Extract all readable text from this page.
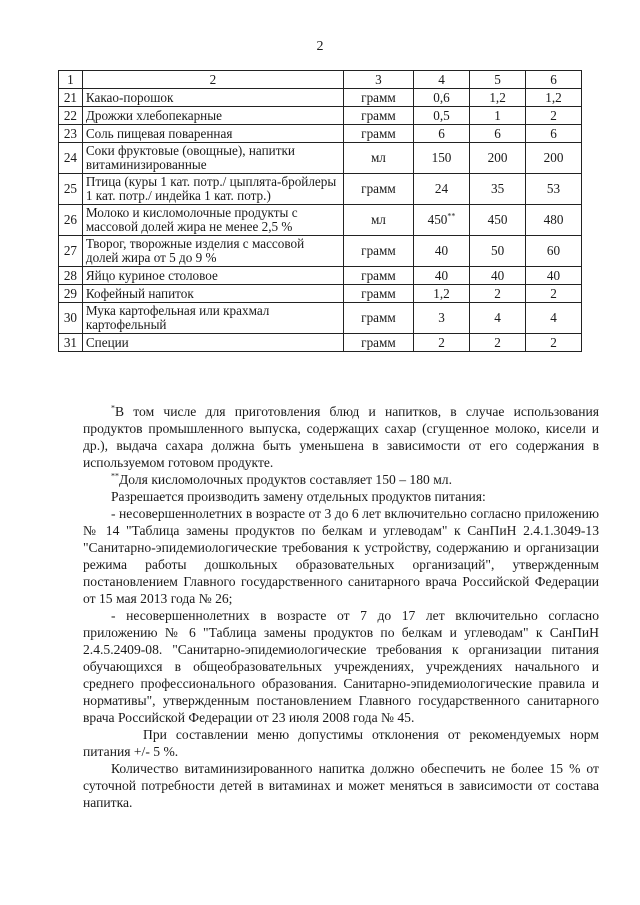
2
1	2	3	4	5	6
21	Какао-порошок	грамм	0,6	1,2	1,2
22	Дрожжи хлебопекарные	грамм	0,5	1	2
23	Соль пищевая поваренная	грамм	6	6	6
24	Соки фруктовые (овощные), напитки витаминизированные	мл	150	200	200
25	Птица (куры 1 кат. потр./ цыплята-бройлеры 1 кат. потр./ индейка 1 кат. потр.)	грамм	24	35	53
26	Молоко и кисломолочные продукты с массовой долей жира не менее 2,5 %	мл	450**	450	480
27	Творог, творожные изделия с массовой долей жира от 5 до 9 %	грамм	40	50	60
28	Яйцо куриное столовое	грамм	40	40	40
29	Кофейный напиток	грамм	1,2	2	2
30	Мука картофельная или крахмал картофельный	грамм	3	4	4
31	Специи	грамм	2	2	2

*В том числе для приготовления блюд и напитков, в случае использования продуктов промышленного выпуска, содержащих сахар (сгущенное молоко, кисели и др.), выдача сахара должна быть уменьшена в зависимости от его содержания в используемом готовом продукте.

**Доля кисломолочных продуктов составляет 150 – 180 мл.

Разрешается производить замену отдельных продуктов питания:

- несовершеннолетних в возрасте от 3 до 6 лет включительно согласно приложению № 14 "Таблица замены продуктов по белкам и углеводам" к СанПиН 2.4.1.3049-13 "Санитарно-эпидемиологические требования к устройству, содержанию и организации режима работы дошкольных образовательных организаций", утвержденным постановлением Главного государственного санитарного врача Российской Федерации от 15 мая 2013 года № 26;

- несовершеннолетних в возрасте от 7 до 17 лет включительно согласно приложению № 6 "Таблица замены продуктов по белкам и углеводам" к СанПиН 2.4.5.2409-08. "Санитарно-эпидемиологические требования к организации питания обучающихся в общеобразовательных учреждениях, учреждениях начального и среднего профессионального образования. Санитарно-эпидемиологические правила и нормативы", утвержденным постановлением Главного государственного санитарного врача Российской Федерации от 23 июля 2008 года № 45.

При составлении меню допустимы отклонения от рекомендуемых норм питания +/- 5 %.

Количество витаминизированного напитка должно обеспечить не более 15 % от суточной потребности детей в витаминах и может меняться в зависимости от состава напитка.
